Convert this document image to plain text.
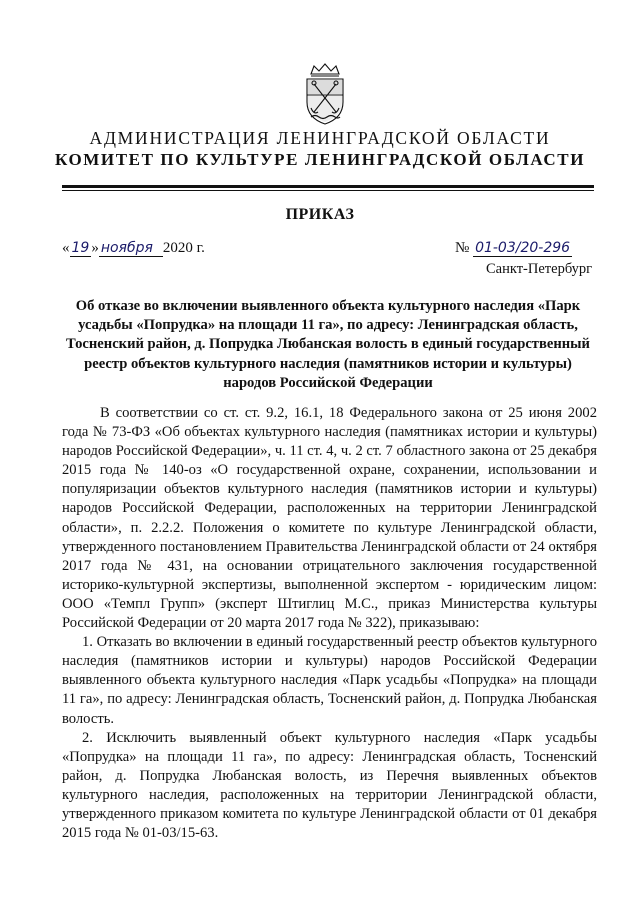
АДМИНИСТРАЦИЯ ЛЕНИНГРАДСКОЙ ОБЛАСТИ
КОМИТЕТ ПО КУЛЬТУРЕ ЛЕНИНГРАДСКОЙ ОБЛАСТИ
ПРИКАЗ
« 19 » ноября 2020 г.	№ 01-03/20-296
Санкт-Петербург
Об отказе во включении выявленного объекта культурного наследия «Парк усадьбы «Попрудка» на площади 11 га», по адресу: Ленинградская область, Тосненский район, д. Попрудка Любанская волость в единый государственный реестр объектов культурного наследия (памятников истории и культуры) народов Российской Федерации

В соответствии со ст. ст. 9.2, 16.1, 18 Федерального закона от 25 июня 2002 года № 73-ФЗ «Об объектах культурного наследия (памятниках истории и культуры) народов Российской Федерации», ч. 11 ст. 4, ч. 2 ст. 7 областного закона от 25 декабря 2015 года № 140-оз «О государственной охране, сохранении, использовании и популяризации объектов культурного наследия (памятников истории и культуры) народов Российской Федерации, расположенных на территории Ленинградской области», п. 2.2.2. Положения о комитете по культуре Ленинградской области, утвержденного постановлением Правительства Ленинградской области от 24 октября 2017 года № 431, на основании отрицательного заключения государственной историко-культурной экспертизы, выполненной экспертом - юридическим лицом: ООО «Темпл Групп» (эксперт Штиглиц М.С., приказ Министерства культуры Российской Федерации от 20 марта 2017 года № 322), приказываю:

1. Отказать во включении в единый государственный реестр объектов культурного наследия (памятников истории и культуры) народов Российской Федерации выявленного объекта культурного наследия «Парк усадьбы «Попрудка» на площади 11 га», по адресу: Ленинградская область, Тосненский район, д. Попрудка Любанская волость.

2. Исключить выявленный объект культурного наследия «Парк усадьбы «Попрудка» на площади 11 га», по адресу: Ленинградская область, Тосненский район, д. Попрудка Любанская волость, из Перечня выявленных объектов культурного наследия, расположенных на территории Ленинградской области, утвержденного приказом комитета по культуре Ленинградской области от 01 декабря 2015 года № 01-03/15-63.
